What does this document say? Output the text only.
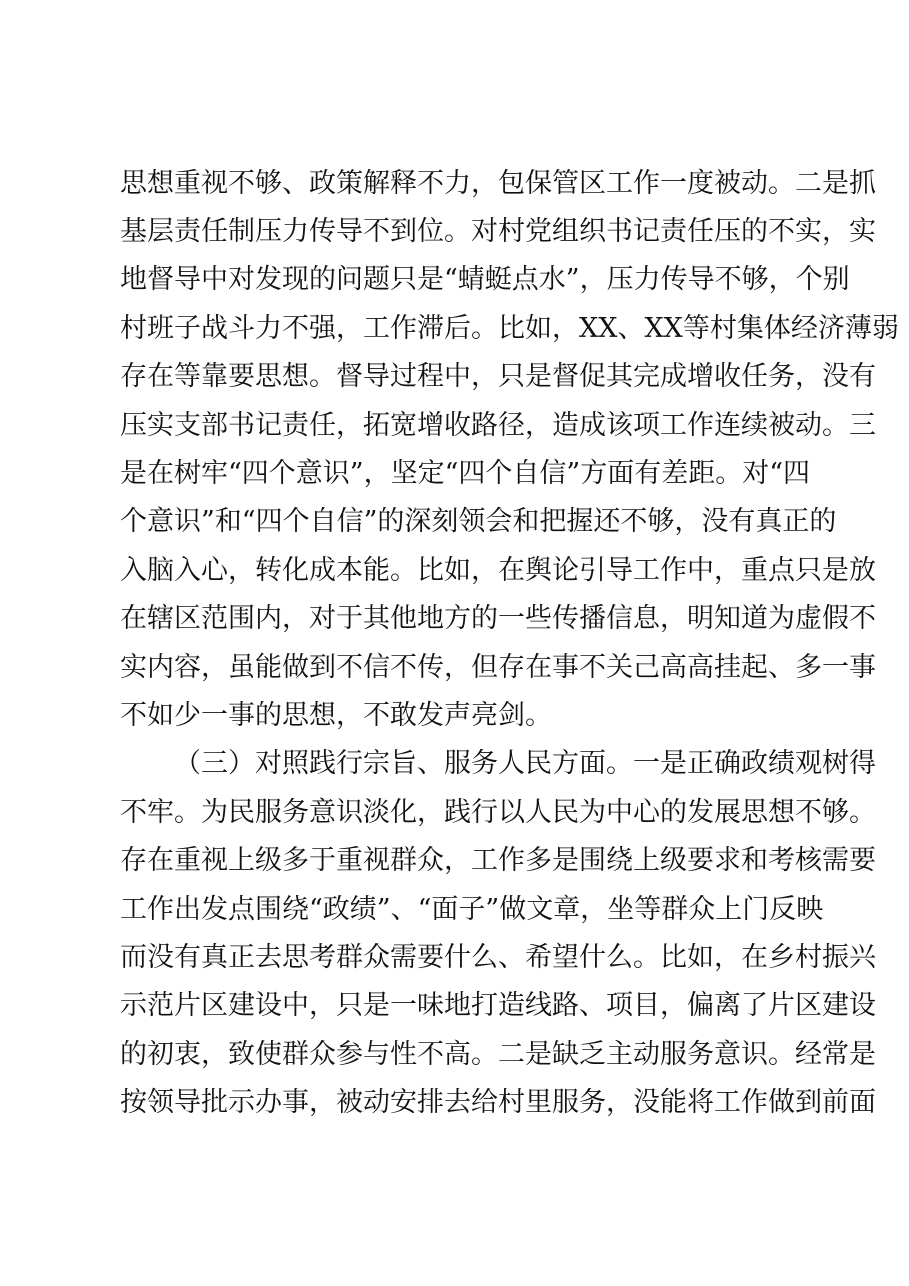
思想重视不够、政策解释不力，包保管区工作一度被动。二是抓
基层责任制压力传导不到位。对村党组织书记责任压的不实，实
地督导中对发现的问题只是“蜻蜓点水”，压力传导不够，个别
村班子战斗力不强，工作滞后。比如，XX、XX等村集体经济薄弱
存在等靠要思想。督导过程中，只是督促其完成增收任务，没有
压实支部书记责任，拓宽增收路径，造成该项工作连续被动。三
是在树牢“四个意识”，坚定“四个自信”方面有差距。对“四
个意识”和“四个自信”的深刻领会和把握还不够，没有真正的
入脑入心，转化成本能。比如，在舆论引导工作中，重点只是放
在辖区范围内，对于其他地方的一些传播信息，明知道为虚假不
实内容，虽能做到不信不传，但存在事不关己高高挂起、多一事
不如少一事的思想，不敢发声亮剑。
（三）对照践行宗旨、服务人民方面。一是正确政绩观树得
不牢。为民服务意识淡化，践行以人民为中心的发展思想不够。
存在重视上级多于重视群众，工作多是围绕上级要求和考核需要
工作出发点围绕“政绩”、“面子”做文章，坐等群众上门反映
而没有真正去思考群众需要什么、希望什么。比如，在乡村振兴
示范片区建设中，只是一味地打造线路、项目，偏离了片区建设
的初衷，致使群众参与性不高。二是缺乏主动服务意识。经常是
按领导批示办事，被动安排去给村里服务，没能将工作做到前面
